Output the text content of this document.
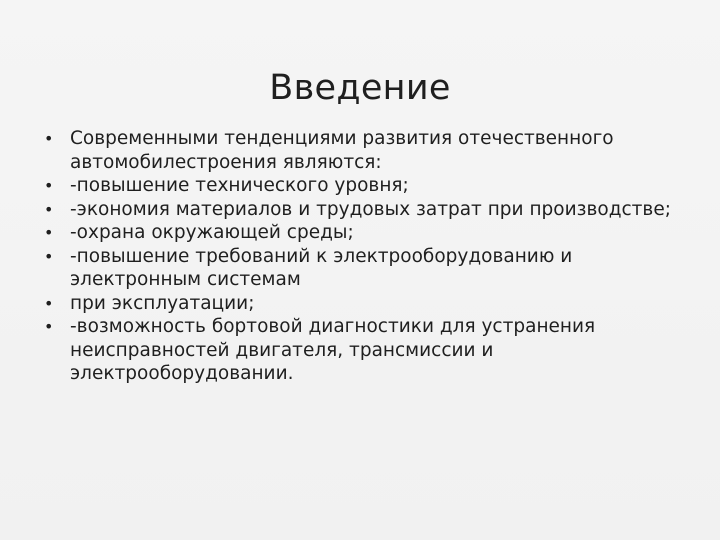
Введение
• Современными тенденциями развития отечественного автомобилестроения являются:
• -повышение технического уровня;
• -экономия материалов и трудовых затрат при производстве;
• -охрана окружающей среды;
• -повышение требований к электрооборудованию и электронным системам
• при эксплуатации;
• -возможность бортовой диагностики для устранения неисправностей двигателя, трансмиссии и электрооборудовании.
